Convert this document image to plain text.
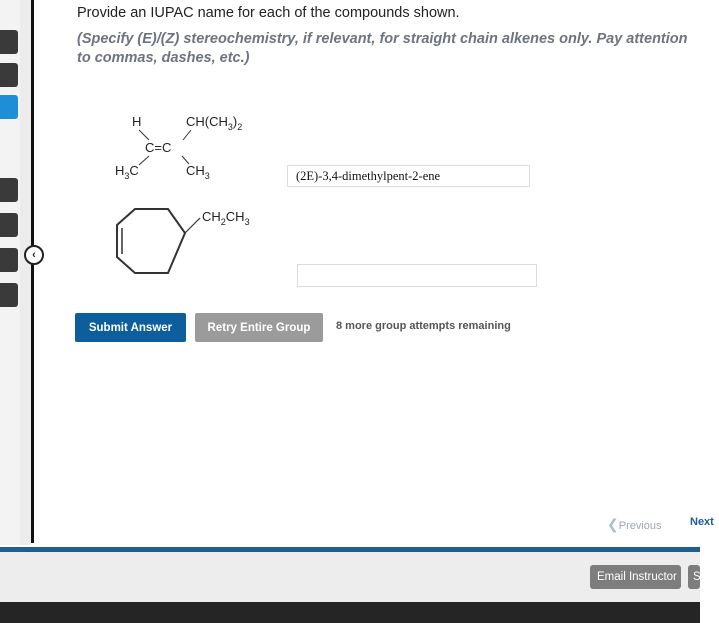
‹
Provide an IUPAC name for each of the compounds shown.
(Specify (E)/(Z) stereochemistry, if relevant, for straight chain alkenes only. Pay attention to commas, dashes, etc.)
H	$CH(CH_3)_2$
C=C
$H_3C$	$CH_3$
(2E)-3,4-dimethylpent-2-ene
$CH_2CH_3$
Submit Answer	Retry Entire Group	8 more group attempts remaining
❮Previous	Next
Email Instructor	Save
